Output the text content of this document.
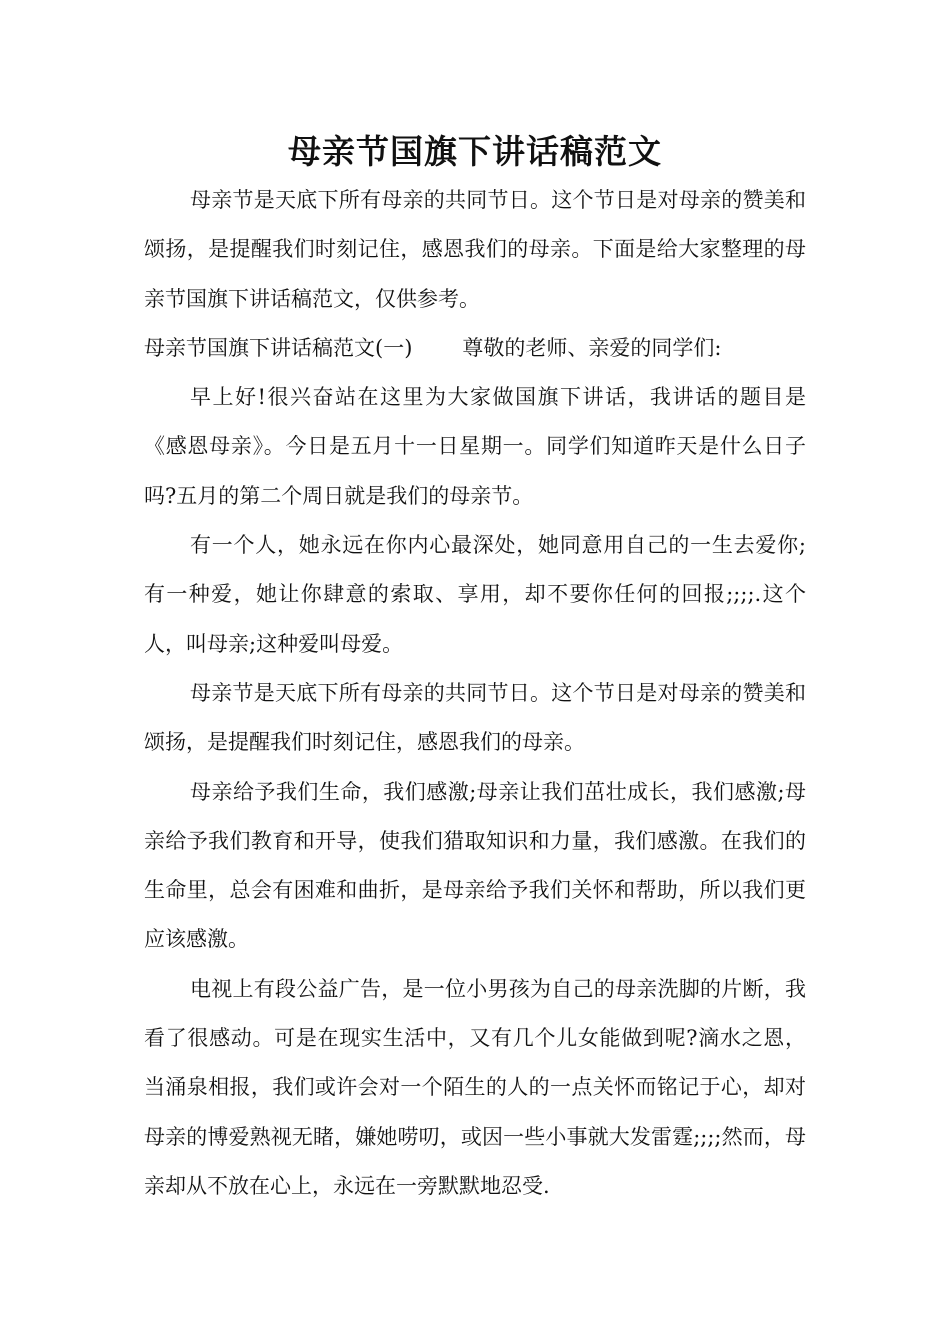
母亲节国旗下讲话稿范文

母亲节是天底下所有母亲的共同节日。这个节日是对母亲的赞美和颂扬，是提醒我们时刻记住，感恩我们的母亲。下面是给大家整理的母亲节国旗下讲话稿范文，仅供参考。

母亲节国旗下讲话稿范文(一) 尊敬的老师、亲爱的同学们:

早上好!很兴奋站在这里为大家做国旗下讲话，我讲话的题目是《感恩母亲》。今日是五月十一日星期一。同学们知道昨天是什么日子吗?五月的第二个周日就是我们的母亲节。

有一个人，她永远在你内心最深处，她同意用自己的一生去爱你;有一种爱，她让你肆意的索取、享用，却不要你任何的回报;;;;.这个人，叫母亲;这种爱叫母爱。

母亲节是天底下所有母亲的共同节日。这个节日是对母亲的赞美和颂扬，是提醒我们时刻记住，感恩我们的母亲。

母亲给予我们生命，我们感激;母亲让我们茁壮成长，我们感激;母亲给予我们教育和开导，使我们猎取知识和力量，我们感激。在我们的生命里，总会有困难和曲折，是母亲给予我们关怀和帮助，所以我们更应该感激。

电视上有段公益广告，是一位小男孩为自己的母亲洗脚的片断，我看了很感动。可是在现实生活中，又有几个儿女能做到呢?滴水之恩，当涌泉相报，我们或许会对一个陌生的人的一点关怀而铭记于心，却对母亲的博爱熟视无睹，嫌她唠叨，或因一些小事就大发雷霆;;;;然而，母亲却从不放在心上，永远在一旁默默地忍受.
